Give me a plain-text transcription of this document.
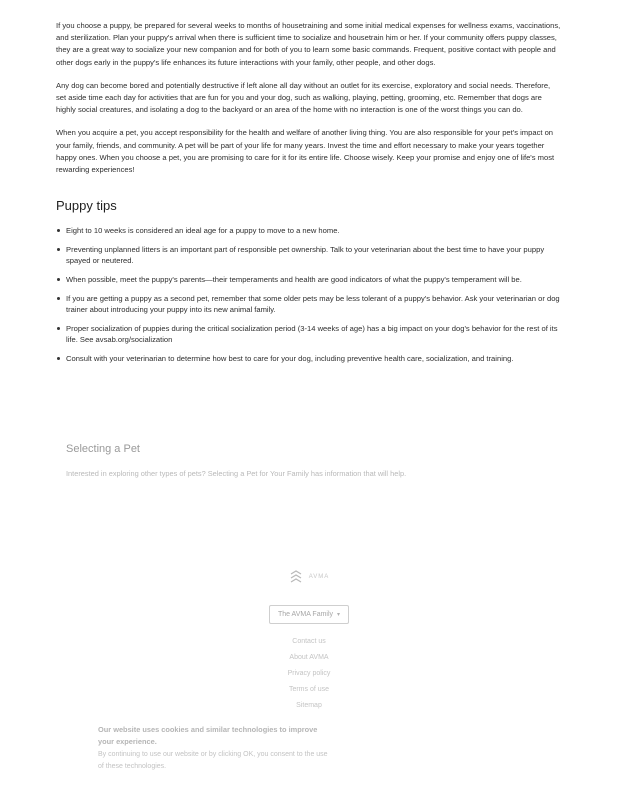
If you choose a puppy, be prepared for several weeks to months of housetraining and some initial medical expenses for wellness exams, vaccinations, and sterilization. Plan your puppy's arrival when there is sufficient time to socialize and housetrain him or her. If your community offers puppy classes, they are a great way to socialize your new companion and for both of you to learn some basic commands. Frequent, positive contact with people and other dogs early in the puppy's life enhances its future interactions with your family, other people, and other dogs.

Any dog can become bored and potentially destructive if left alone all day without an outlet for its exercise, exploratory and social needs. Therefore, set aside time each day for activities that are fun for you and your dog, such as walking, playing, petting, grooming, etc. Remember that dogs are highly social creatures, and isolating a dog to the backyard or an area of the home with no interaction is one of the worst things you can do.

When you acquire a pet, you accept responsibility for the health and welfare of another living thing. You are also responsible for your pet's impact on your family, friends, and community. A pet will be part of your life for many years. Invest the time and effort necessary to make your years together happy ones. When you choose a pet, you are promising to care for it for its entire life. Choose wisely. Keep your promise and enjoy one of life's most rewarding experiences!

Puppy tips
Eight to 10 weeks is considered an ideal age for a puppy to move to a new home.
Preventing unplanned litters is an important part of responsible pet ownership. Talk to your veterinarian about the best time to have your puppy spayed or neutered.
When possible, meet the puppy's parents—their temperaments and health are good indicators of what the puppy's temperament will be.
If you are getting a puppy as a second pet, remember that some older pets may be less tolerant of a puppy's behavior. Ask your veterinarian or dog trainer about introducing your puppy into its new animal family.
Proper socialization of puppies during the critical socialization period (3-14 weeks of age) has a big impact on your dog's behavior for the rest of its life. See avsab.org/socialization
Consult with your veterinarian to determine how best to care for your dog, including preventive health care, socialization, and training.
Selecting a Pet

Interested in exploring other types of pets? Selecting a Pet for Your Family has information that will help.

AVMA

The AVMA Family ▾
Contact us
About AVMA
Privacy policy
Terms of use
Sitemap

Our website uses cookies and similar technologies to improve your experience.

By continuing to use our website or by clicking OK, you consent to the use of these technologies.
